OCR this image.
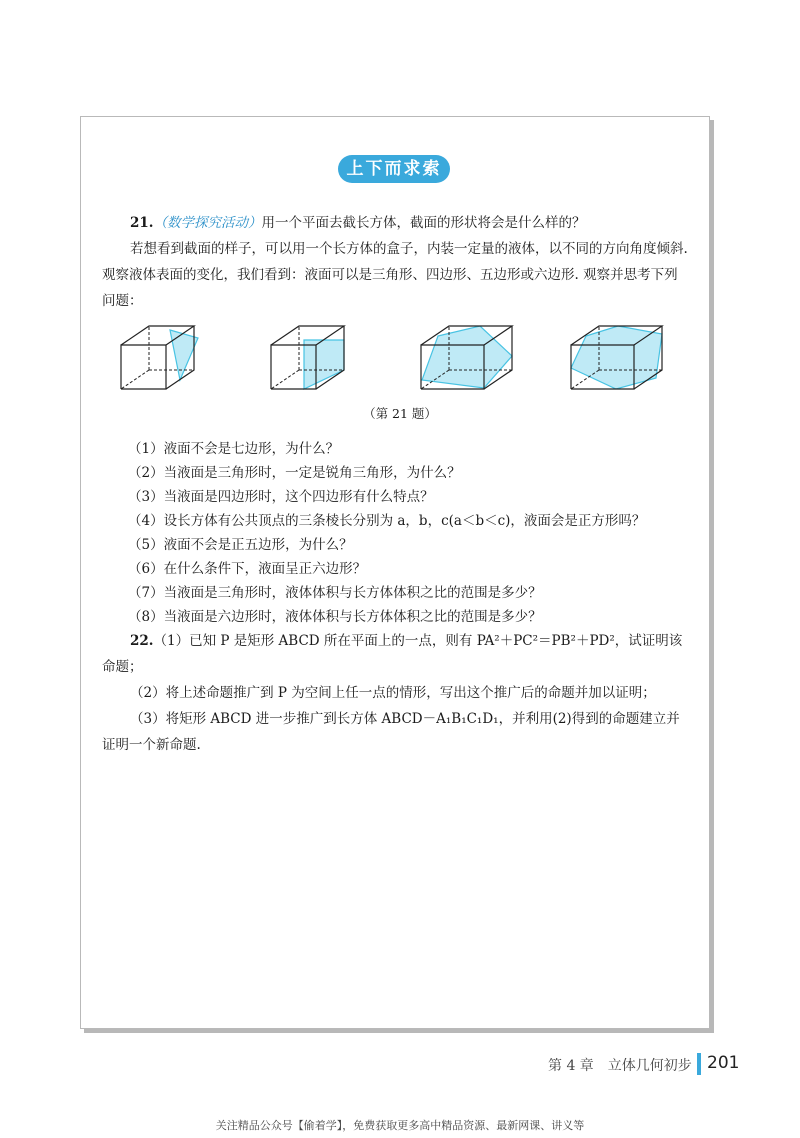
上下而求索
21.（数学探究活动）用一个平面去截长方体，截面的形状将会是什么样的？
若想看到截面的样子，可以用一个长方体的盒子，内装一定量的液体，以不同的方向角度倾斜. 观察液体表面的变化，我们看到：液面可以是三角形、四边形、五边形或六边形. 观察并思考下列问题：
（第 21 题）
（1）液面不会是七边形，为什么？
（2）当液面是三角形时，一定是锐角三角形，为什么？
（3）当液面是四边形时，这个四边形有什么特点？
（4）设长方体有公共顶点的三条棱长分别为 a，b，c(a＜b＜c)，液面会是正方形吗？
（5）液面不会是正五边形，为什么？
（6）在什么条件下，液面呈正六边形？
（7）当液面是三角形时，液体体积与长方体体积之比的范围是多少？
（8）当液面是六边形时，液体体积与长方体体积之比的范围是多少？
22.（1）已知 P 是矩形 ABCD 所在平面上的一点，则有 PA²＋PC²＝PB²＋PD²，试证明该命题；
（2）将上述命题推广到 P 为空间上任一点的情形，写出这个推广后的命题并加以证明；
（3）将矩形 ABCD 进一步推广到长方体 ABCD－A₁B₁C₁D₁，并利用(2)得到的命题建立并证明一个新命题.
第 4 章　立体几何初步 201
关注精品公众号【偷着学】，免费获取更多高中精品资源、最新网课、讲义等
